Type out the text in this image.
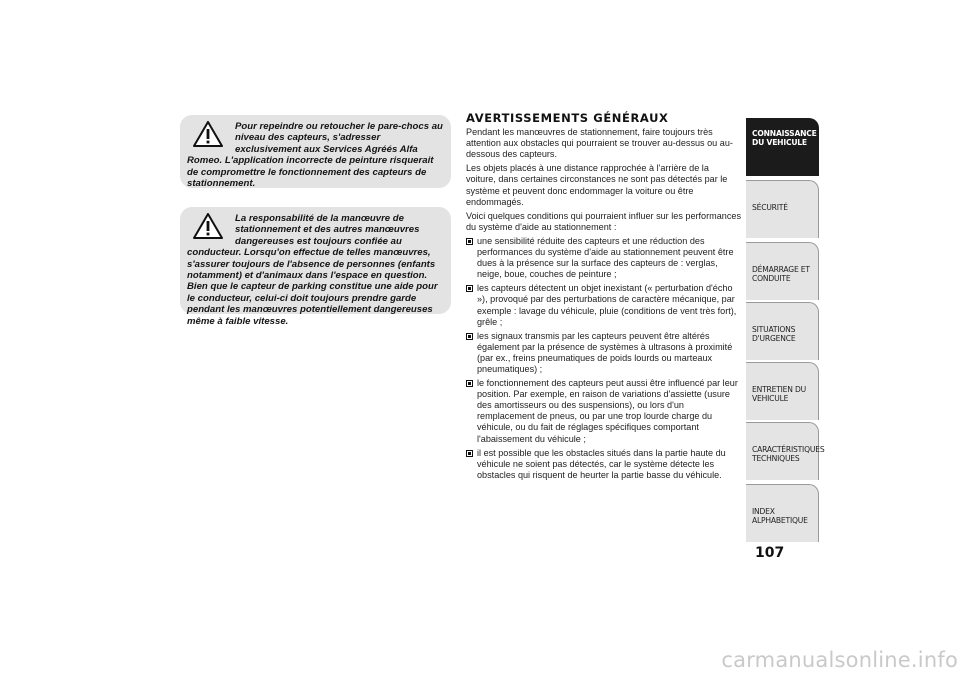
Pour repeindre ou retoucher le pare-chocs au niveau des capteurs, s'adresser exclusivement aux Services Agréés Alfa Romeo. L'application incorrecte de peinture risquerait de compromettre le fonctionnement des capteurs de stationnement.
La responsabilité de la manœuvre de stationnement et des autres manœuvres dangereuses est toujours confiée au conducteur. Lorsqu'on effectue de telles manœuvres, s'assurer toujours de l'absence de personnes (enfants notamment) et d'animaux dans l'espace en question. Bien que le capteur de parking constitue une aide pour le conducteur, celui-ci doit toujours prendre garde pendant les manœuvres potentiellement dangereuses même à faible vitesse.
AVERTISSEMENTS GÉNÉRAUX

Pendant les manœuvres de stationnement, faire toujours très attention aux obstacles qui pourraient se trouver au-dessus ou au-dessous des capteurs.

Les objets placés à une distance rapprochée à l'arrière de la voiture, dans certaines circonstances ne sont pas détectés par le système et peuvent donc endommager la voiture ou être endommagés.

Voici quelques conditions qui pourraient influer sur les performances du système d'aide au stationnement :

une sensibilité réduite des capteurs et une réduction des performances du système d'aide au stationnement peuvent être dues à la présence sur la surface des capteurs de : verglas, neige, boue, couches de peinture ;
les capteurs détectent un objet inexistant (« perturbation d'écho »), provoqué par des perturbations de caractère mécanique, par exemple : lavage du véhicule, pluie (conditions de vent très fort), grêle ;
les signaux transmis par les capteurs peuvent être altérés également par la présence de systèmes à ultrasons à proximité (par ex., freins pneumatiques de poids lourds ou marteaux pneumatiques) ;
le fonctionnement des capteurs peut aussi être influencé par leur position. Par exemple, en raison de variations d'assiette (usure des amortisseurs ou des suspensions), ou lors d'un remplacement de pneus, ou par une trop lourde charge du véhicule, ou du fait de réglages spécifiques comportant l'abaissement du véhicule ;
il est possible que les obstacles situés dans la partie haute du véhicule ne soient pas détectés, car le système détecte les obstacles qui risquent de heurter la partie basse du véhicule.
CONNAISSANCE
DU VEHICULE
SÉCURITÉ
DÉMARRAGE ET
CONDUITE
SITUATIONS
D'URGENCE
ENTRETIEN DU
VEHICULE
CARACTÉRISTIQUES
TECHNIQUES
INDEX
ALPHABETIQUE
107
carmanualsonline.info
